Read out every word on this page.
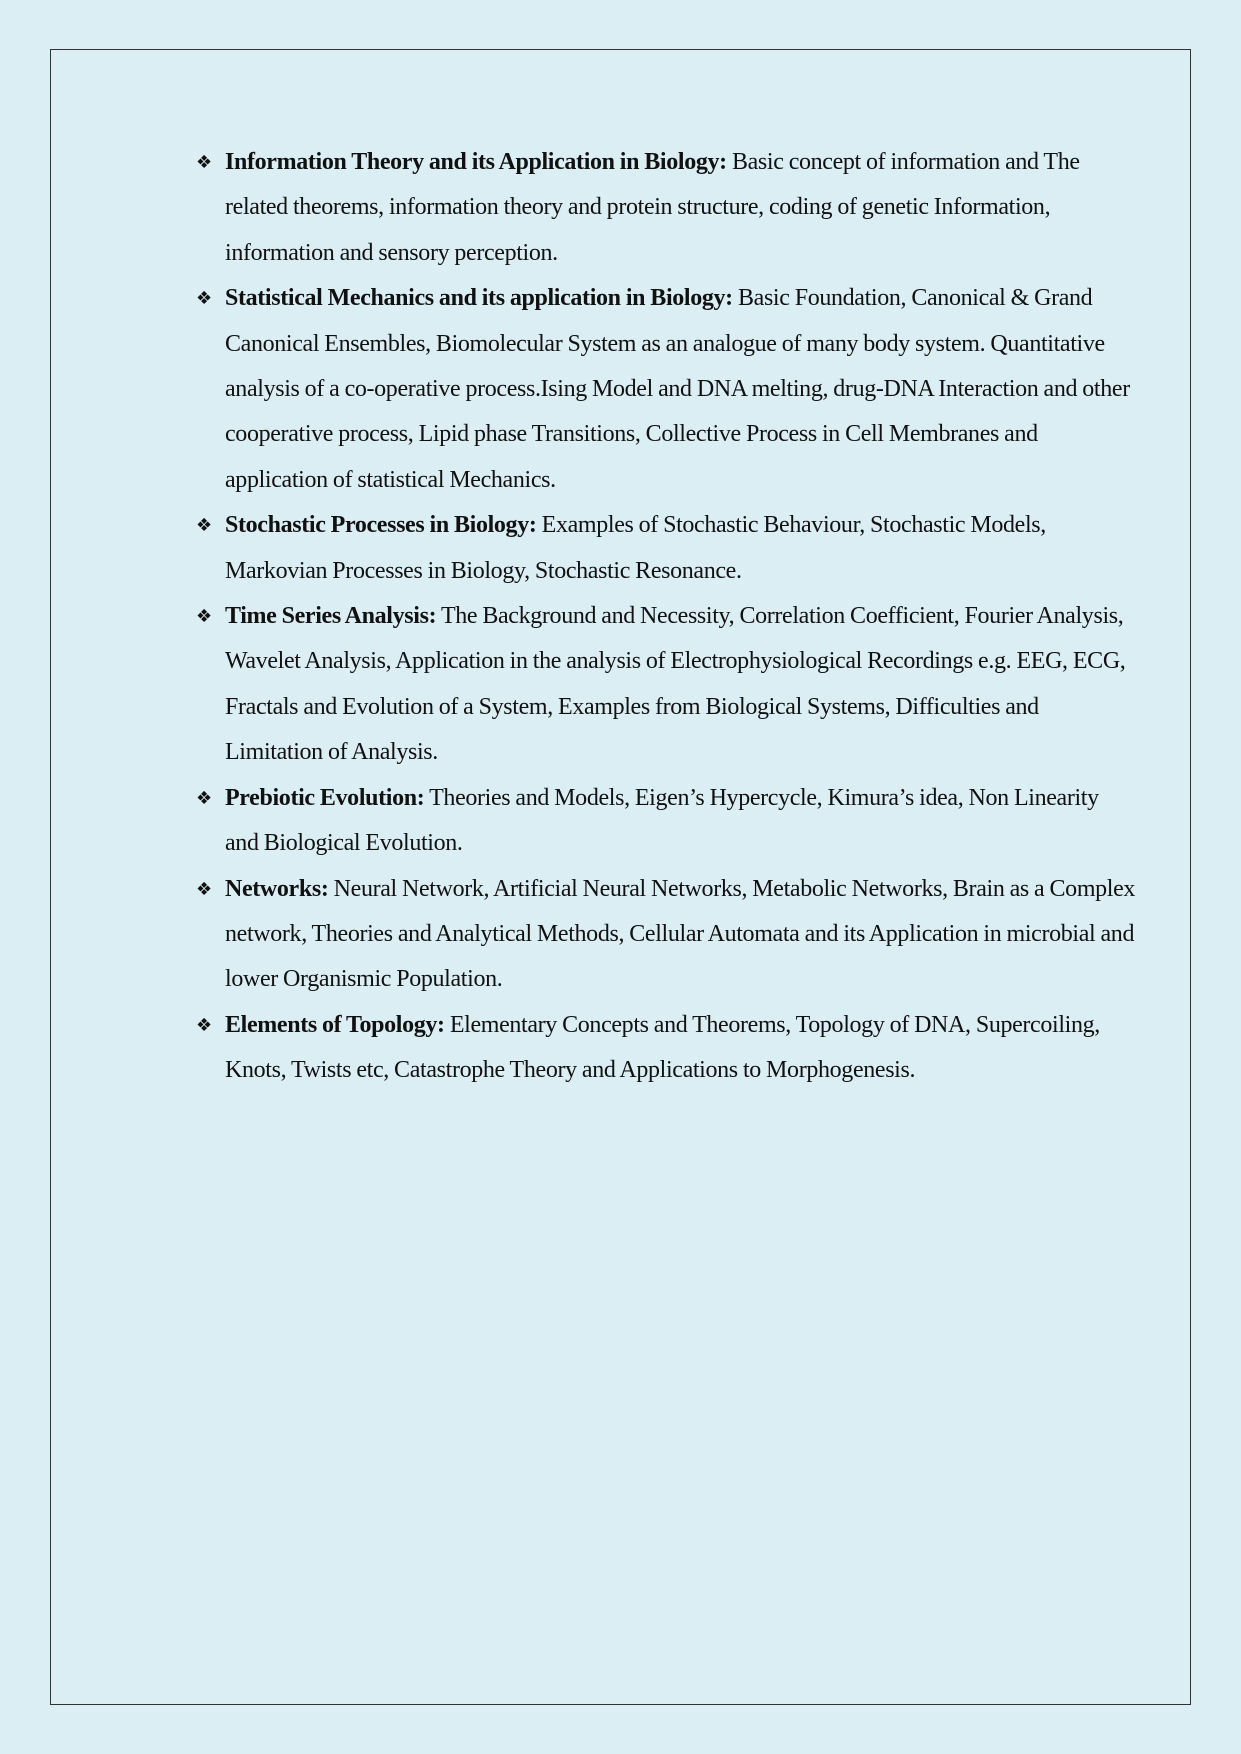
❖ Information Theory and its Application in Biology: Basic concept of information and The related theorems, information theory and protein structure, coding of genetic Information, information and sensory perception.
❖ Statistical Mechanics and its application in Biology: Basic Foundation, Canonical & Grand Canonical Ensembles, Biomolecular System as an analogue of many body system. Quantitative analysis of a co-operative process.Ising Model and DNA melting, drug-DNA Interaction and other cooperative process, Lipid phase Transitions, Collective Process in Cell Membranes and application of statistical Mechanics.
❖ Stochastic Processes in Biology: Examples of Stochastic Behaviour, Stochastic Models, Markovian Processes in Biology, Stochastic Resonance.
❖ Time Series Analysis: The Background and Necessity, Correlation Coefficient, Fourier Analysis, Wavelet Analysis, Application in the analysis of Electrophysiological Recordings e.g. EEG, ECG, Fractals and Evolution of a System, Examples from Biological Systems, Difficulties and Limitation of Analysis.
❖ Prebiotic Evolution: Theories and Models, Eigen’s Hypercycle, Kimura’s idea, Non Linearity and Biological Evolution.
❖ Networks: Neural Network, Artificial Neural Networks, Metabolic Networks, Brain as a Complex network, Theories and Analytical Methods, Cellular Automata and its Application in microbial and lower Organismic Population.
❖ Elements of Topology: Elementary Concepts and Theorems, Topology of DNA, Supercoiling, Knots, Twists etc, Catastrophe Theory and Applications to Morphogenesis.
